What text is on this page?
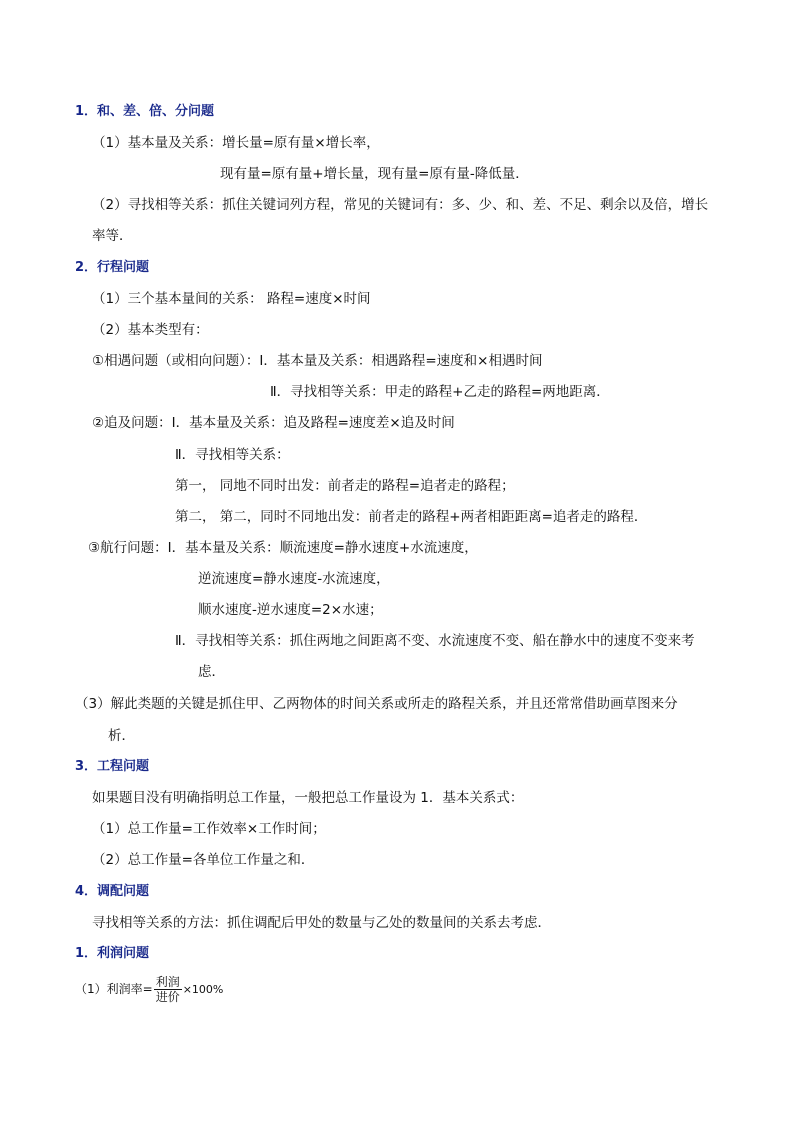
1．和、差、倍、分问题
（1）基本量及关系：增长量=原有量×增长率，
现有量=原有量+增长量，现有量=原有量-降低量．
（2）寻找相等关系：抓住关键词列方程，常见的关键词有：多、少、和、差、不足、剩余以及倍，增长
率等．
2．行程问题
（1）三个基本量间的关系： 路程=速度×时间
（2）基本类型有：
①相遇问题（或相向问题）：Ⅰ．基本量及关系：相遇路程=速度和×相遇时间
Ⅱ．寻找相等关系：甲走的路程+乙走的路程=两地距离．
②追及问题：Ⅰ．基本量及关系：追及路程=速度差×追及时间
Ⅱ．寻找相等关系：
第一， 同地不同时出发：前者走的路程=追者走的路程；
第二， 第二，同时不同地出发：前者走的路程+两者相距距离=追者走的路程．
③航行问题：Ⅰ．基本量及关系：顺流速度=静水速度+水流速度，
逆流速度=静水速度-水流速度，
顺水速度-逆水速度=2×水速；
Ⅱ．寻找相等关系：抓住两地之间距离不变、水流速度不变、船在静水中的速度不变来考
虑．
（3）解此类题的关键是抓住甲、乙两物体的时间关系或所走的路程关系，并且还常常借助画草图来分
析．
3．工程问题
如果题目没有明确指明总工作量，一般把总工作量设为 1．基本关系式：
（1）总工作量=工作效率×工作时间；
（2）总工作量=各单位工作量之和．
4．调配问题
寻找相等关系的方法：抓住调配后甲处的数量与乙处的数量间的关系去考虑．
1．利润问题
（1）利润率= $\frac{\text{利润}}{\text{进价}} \times 100\%$
